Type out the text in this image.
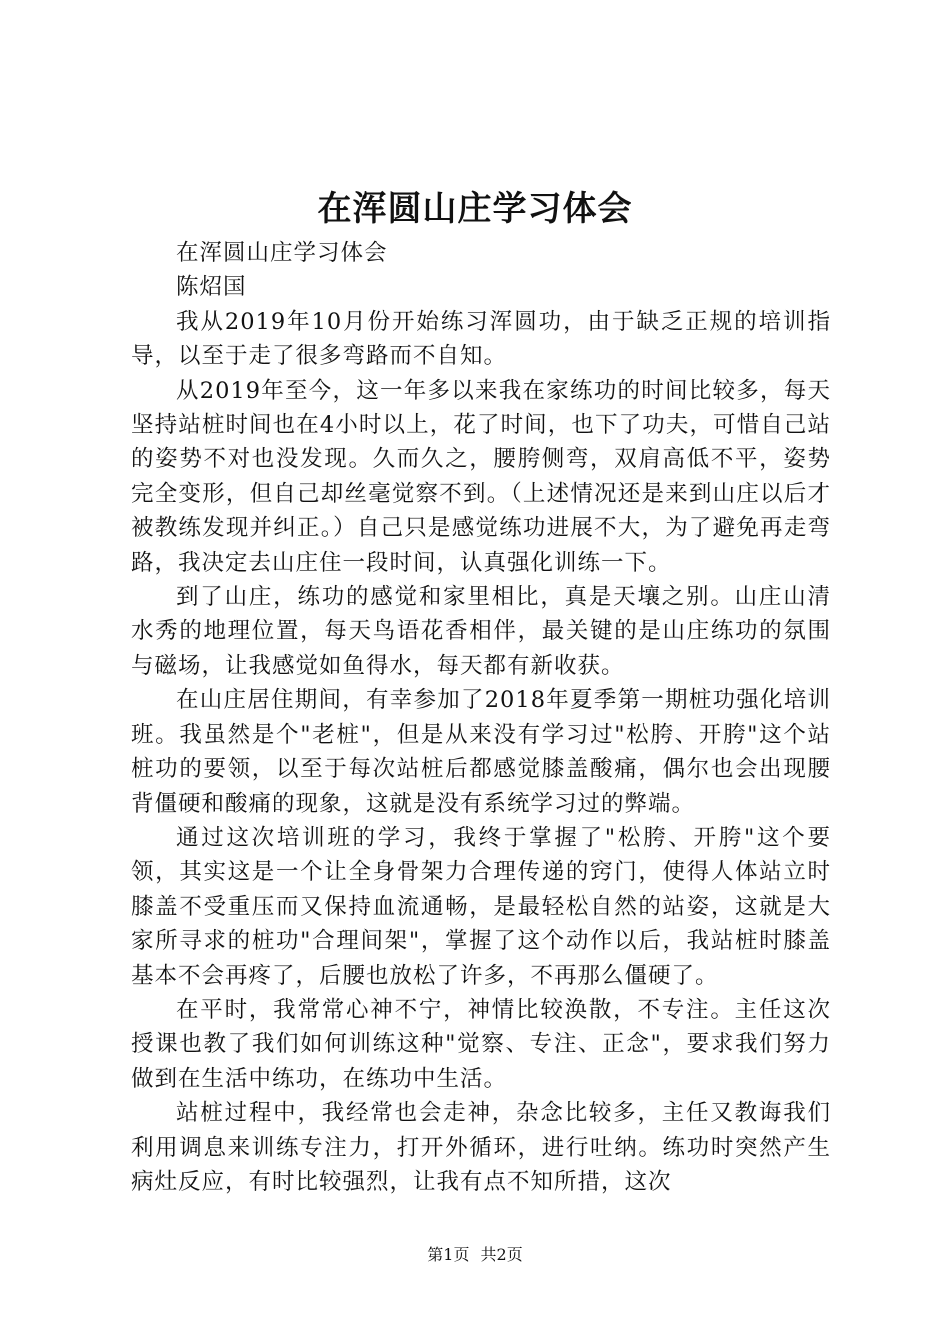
在浑圆山庄学习体会

在浑圆山庄学习体会

陈炤国

我从2019年10月份开始练习浑圆功，由于缺乏正规的培训指导，以至于走了很多弯路而不自知。

从2019年至今，这一年多以来我在家练功的时间比较多，每天坚持站桩时间也在4小时以上，花了时间，也下了功夫，可惜自己站的姿势不对也没发现。久而久之，腰胯侧弯，双肩高低不平，姿势完全变形，但自己却丝毫觉察不到。（上述情况还是来到山庄以后才被教练发现并纠正。）自己只是感觉练功进展不大，为了避免再走弯路，我决定去山庄住一段时间，认真强化训练一下。

到了山庄，练功的感觉和家里相比，真是天壤之别。山庄山清水秀的地理位置，每天鸟语花香相伴，最关键的是山庄练功的氛围与磁场，让我感觉如鱼得水，每天都有新收获。

在山庄居住期间，有幸参加了2018年夏季第一期桩功强化培训班。我虽然是个"老桩"，但是从来没有学习过"松胯、开胯"这个站桩功的要领，以至于每次站桩后都感觉膝盖酸痛，偶尔也会出现腰背僵硬和酸痛的现象，这就是没有系统学习过的弊端。

通过这次培训班的学习，我终于掌握了"松胯、开胯"这个要领，其实这是一个让全身骨架力合理传递的窍门，使得人体站立时膝盖不受重压而又保持血流通畅，是最轻松自然的站姿，这就是大家所寻求的桩功"合理间架"，掌握了这个动作以后，我站桩时膝盖基本不会再疼了，后腰也放松了许多，不再那么僵硬了。

在平时，我常常心神不宁，神情比较涣散，不专注。主任这次授课也教了我们如何训练这种"觉察、专注、正念"，要求我们努力做到在生活中练功，在练功中生活。

站桩过程中，我经常也会走神，杂念比较多，主任又教诲我们利用调息来训练专注力，打开外循环，进行吐纳。练功时突然产生病灶反应，有时比较强烈，让我有点不知所措，这次

第1页 共2页
